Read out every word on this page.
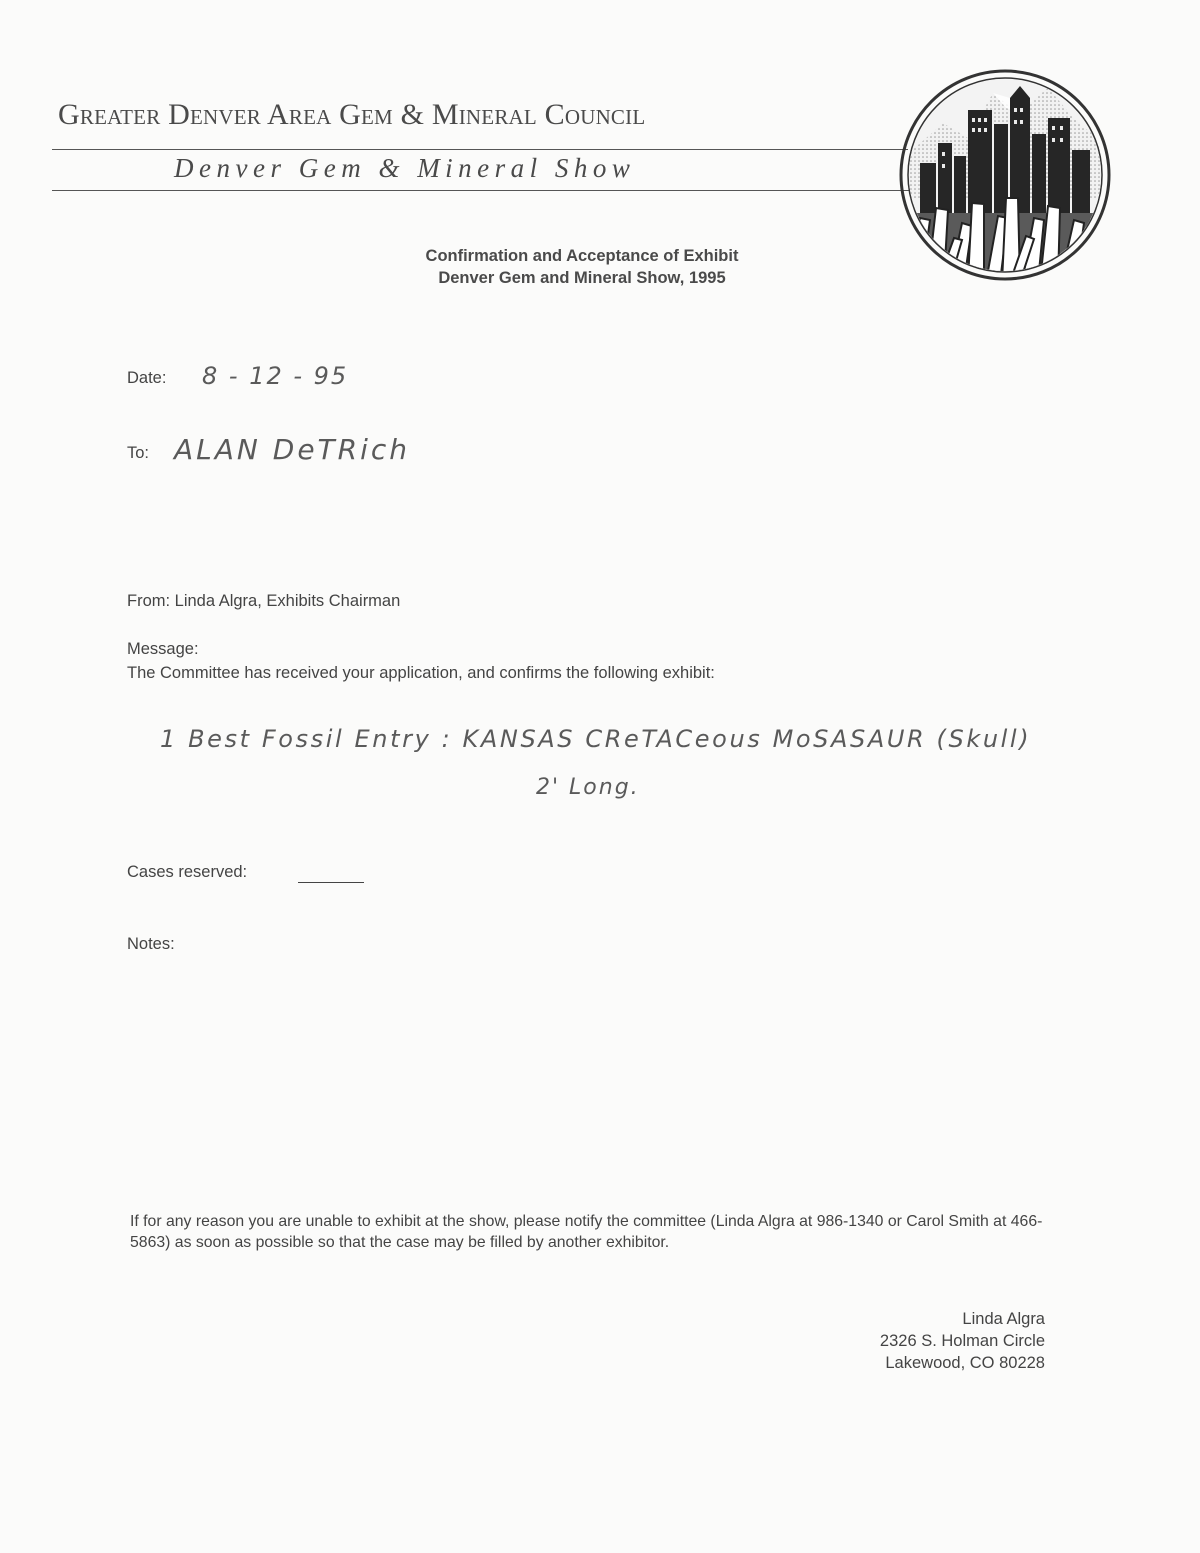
Greater Denver Area Gem & Mineral Council
Denver Gem & Mineral Show
Confirmation and Acceptance of Exhibit
Denver Gem and Mineral Show, 1995
Date: 8 - 12 - 95
To: ALAN DeTRich
From: Linda Algra, Exhibits Chairman
Message:
The Committee has received your application, and confirms the following exhibit:
1 Best Fossil Entry : KANSAS CReTACeous MoSASAUR (Skull)
2' Long.
Cases reserved:
Notes:
If for any reason you are unable to exhibit at the show, please notify the committee (Linda Algra at 986-1340 or Carol Smith at 466-5863) as soon as possible so that the case may be filled by another exhibitor.
Linda Algra
2326 S. Holman Circle
Lakewood, CO 80228
